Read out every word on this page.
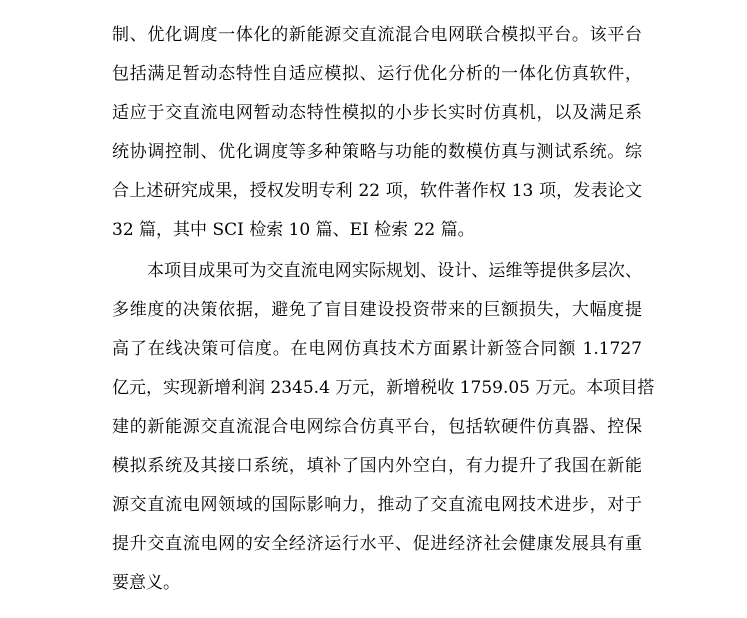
制、优化调度一体化的新能源交直流混合电网联合模拟平台。该平台
包括满足暂动态特性自适应模拟、运行优化分析的一体化仿真软件，
适应于交直流电网暂动态特性模拟的小步长实时仿真机，以及满足系
统协调控制、优化调度等多种策略与功能的数模仿真与测试系统。综
合上述研究成果，授权发明专利 22 项，软件著作权 13 项，发表论文
32 篇，其中 SCI 检索 10 篇、EI 检索 22 篇。
本项目成果可为交直流电网实际规划、设计、运维等提供多层次、
多维度的决策依据，避免了盲目建设投资带来的巨额损失，大幅度提
高了在线决策可信度。在电网仿真技术方面累计新签合同额 1.1727
亿元，实现新增利润 2345.4 万元，新增税收 1759.05 万元。本项目搭
建的新能源交直流混合电网综合仿真平台，包括软硬件仿真器、控保
模拟系统及其接口系统，填补了国内外空白，有力提升了我国在新能
源交直流电网领域的国际影响力，推动了交直流电网技术进步，对于
提升交直流电网的安全经济运行水平、促进经济社会健康发展具有重
要意义。
